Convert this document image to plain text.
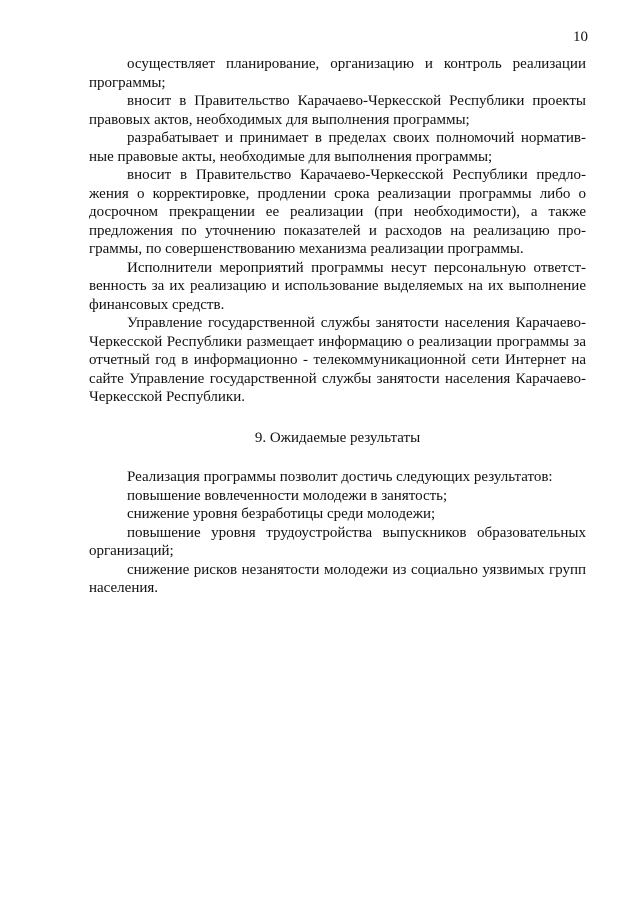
10

осуществляет планирование, организацию и контроль реализации программы;

вносит в Правительство Карачаево-Черкесской Республики проекты правовых актов, необходимых для выполнения программы;

разрабатывает и принимает в пределах своих полномочий нормативные правовые акты, необходимые для выполнения программы;

вносит в Правительство Карачаево-Черкесской Республики предложения о корректировке, продлении срока реализации программы либо о досрочном прекращении ее реализации (при необходимости), а также предложения по уточнению показателей и расходов на реализацию программы, по совершенствованию механизма реализации программы.

Исполнители мероприятий программы несут персональную ответственность за их реализацию и использование выделяемых на их выполнение финансовых средств.

Управление государственной службы занятости населения Карачаево-Черкесской Республики размещает информацию о реализации программы за отчетный год в информационно - телекоммуникационной сети Интернет на сайте Управление государственной службы занятости населения Карачаево-Черкесской Республики.

9. Ожидаемые результаты

Реализация программы позволит достичь следующих результатов:

повышение вовлеченности молодежи в занятость;

снижение уровня безработицы среди молодежи;

повышение уровня трудоустройства выпускников образовательных организаций;

снижение рисков незанятости молодежи из социально уязвимых групп населения.
